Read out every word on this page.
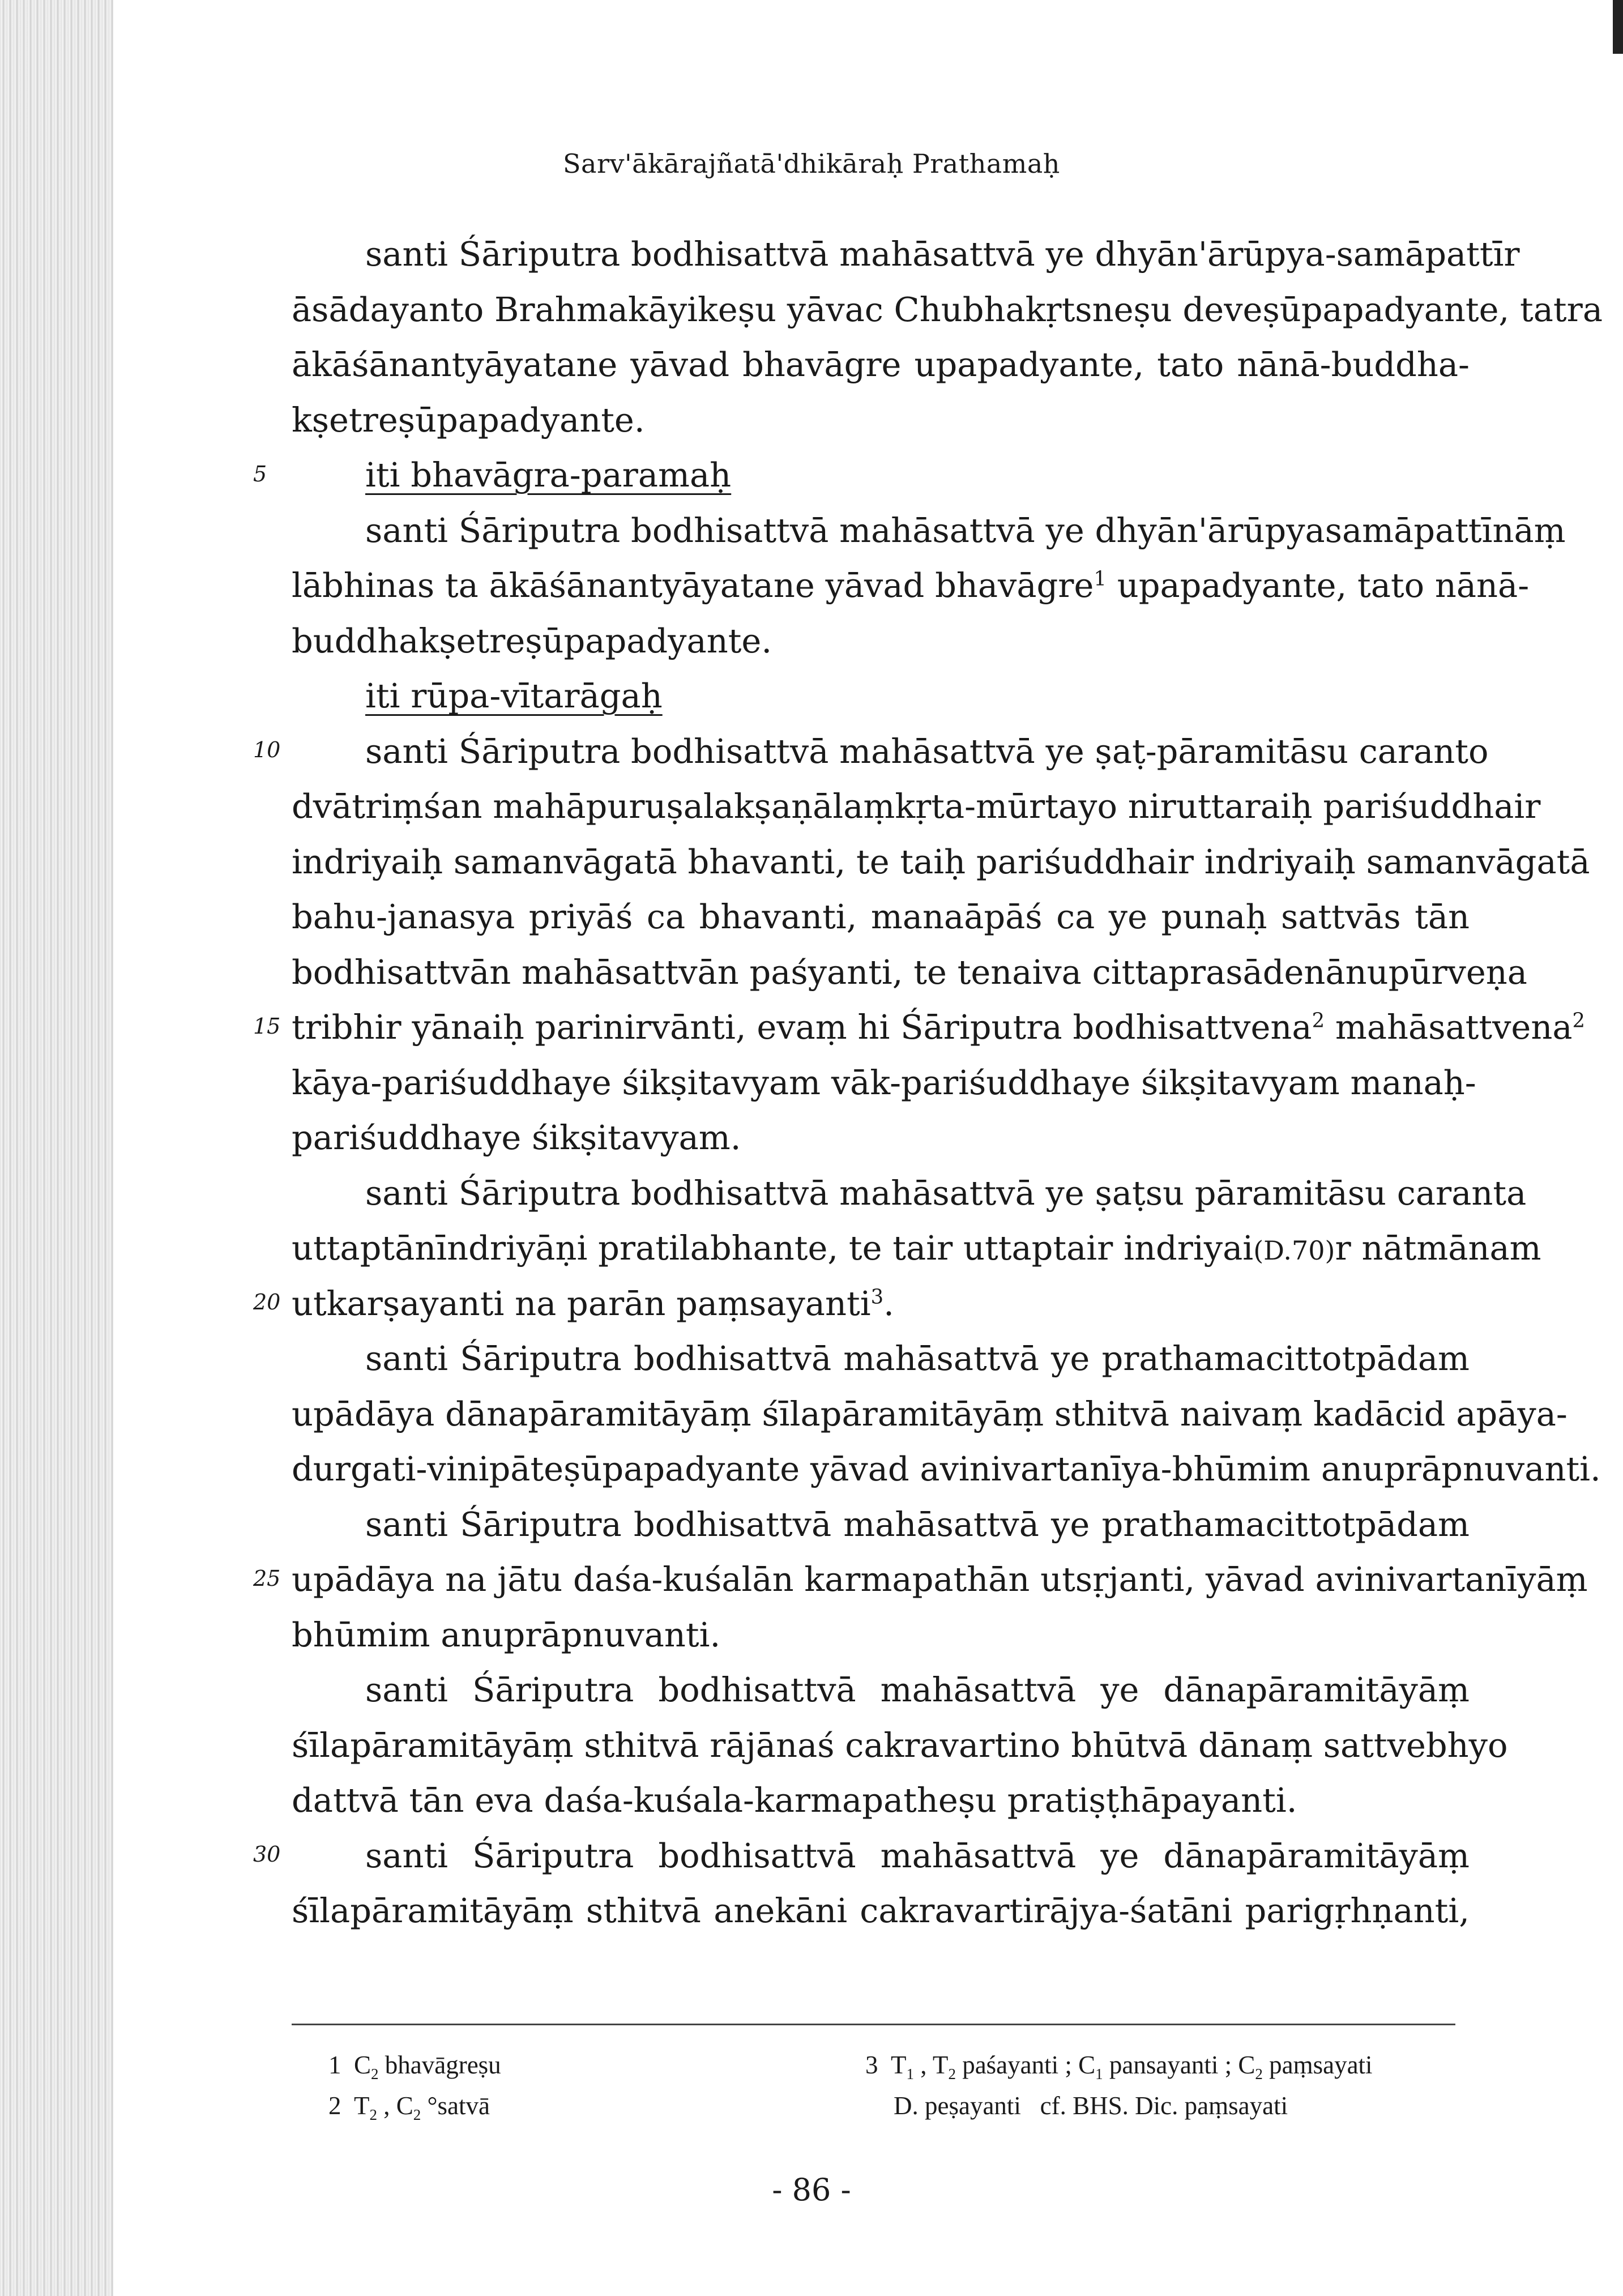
Sarv'ākārajñatā'dhikāraḥ Prathamaḥ
santi Śāriputra bodhisattvā mahāsattvā ye dhyān'ārūpya-samāpattīr
āsādayanto Brahmakāyikeṣu yāvac Chubhakṛtsneṣu deveṣūpapadyante, tatra
ākāśānantyāyatane yāvad bhavāgre upapadyante, tato nānā-buddha-
kṣetreṣūpapadyante.
iti bhavāgra-paramaḥ
santi Śāriputra bodhisattvā mahāsattvā ye dhyān'ārūpyasamāpattīnāṃ
lābhinas ta ākāśānantyāyatane yāvad bhavāgre$^1$ upapadyante, tato nānā-
buddhakṣetreṣūpapadyante.
iti rūpa-vītarāgaḥ
santi Śāriputra bodhisattvā mahāsattvā ye ṣaṭ-pāramitāsu caranto
dvātriṃśan mahāpuruṣalakṣaṇālaṃkṛta-mūrtayo niruttaraiḥ pariśuddhair
indriyaiḥ samanvāgatā bhavanti, te taiḥ pariśuddhair indriyaiḥ samanvāgatā
bahu-janasya priyāś ca bhavanti, manaāpāś ca ye punaḥ sattvās tān
bodhisattvān mahāsattvān paśyanti, te tenaiva cittaprasādenānupūrveṇa
tribhir yānaiḥ parinirvānti, evaṃ hi Śāriputra bodhisattvena$^2$ mahāsattvena$^2$
kāya-pariśuddhaye śikṣitavyam vāk-pariśuddhaye śikṣitavyam manaḥ-
pariśuddhaye śikṣitavyam.
santi Śāriputra bodhisattvā mahāsattvā ye ṣaṭsu pāramitāsu caranta
uttaptānīndriyāṇi pratilabhante, te tair uttaptair indriyai(D.70)r nātmānam
utkarṣayanti na parān paṃsayanti$^3$.
santi Śāriputra bodhisattvā mahāsattvā ye prathamacittotpādam
upādāya dānapāramitāyāṃ śīlapāramitāyāṃ sthitvā naivaṃ kadācid apāya-
durgati-vinipāteṣūpapadyante yāvad avinivartanīya-bhūmim anuprāpnuvanti.
santi Śāriputra bodhisattvā mahāsattvā ye prathamacittotpādam
upādāya na jātu daśa-kuśalān karmapathān utsṛjanti, yāvad avinivartanīyāṃ
bhūmim anuprāpnuvanti.
santi Śāriputra bodhisattvā mahāsattvā ye dānapāramitāyāṃ
śīlapāramitāyāṃ sthitvā rājānaś cakravartino bhūtvā dānaṃ sattvebhyo
dattvā tān eva daśa-kuśala-karmapatheṣu pratiṣṭhāpayanti.
santi Śāriputra bodhisattvā mahāsattvā ye dānapāramitāyāṃ
śīlapāramitāyāṃ sthitvā anekāni cakravartirājya-śatāni parigṛhṇanti,
5
10
15
20
25
30
1 $C_2$ bhavāgreṣu
2 $T_2$ , $C_2$ °satvā
3 $T_1$ , $T_2$ paśayanti ; $C_1$ pansayanti ; $C_2$ paṃsayati
D. peṣayanti   cf. BHS. Dic. paṃsayati
- 86 -
